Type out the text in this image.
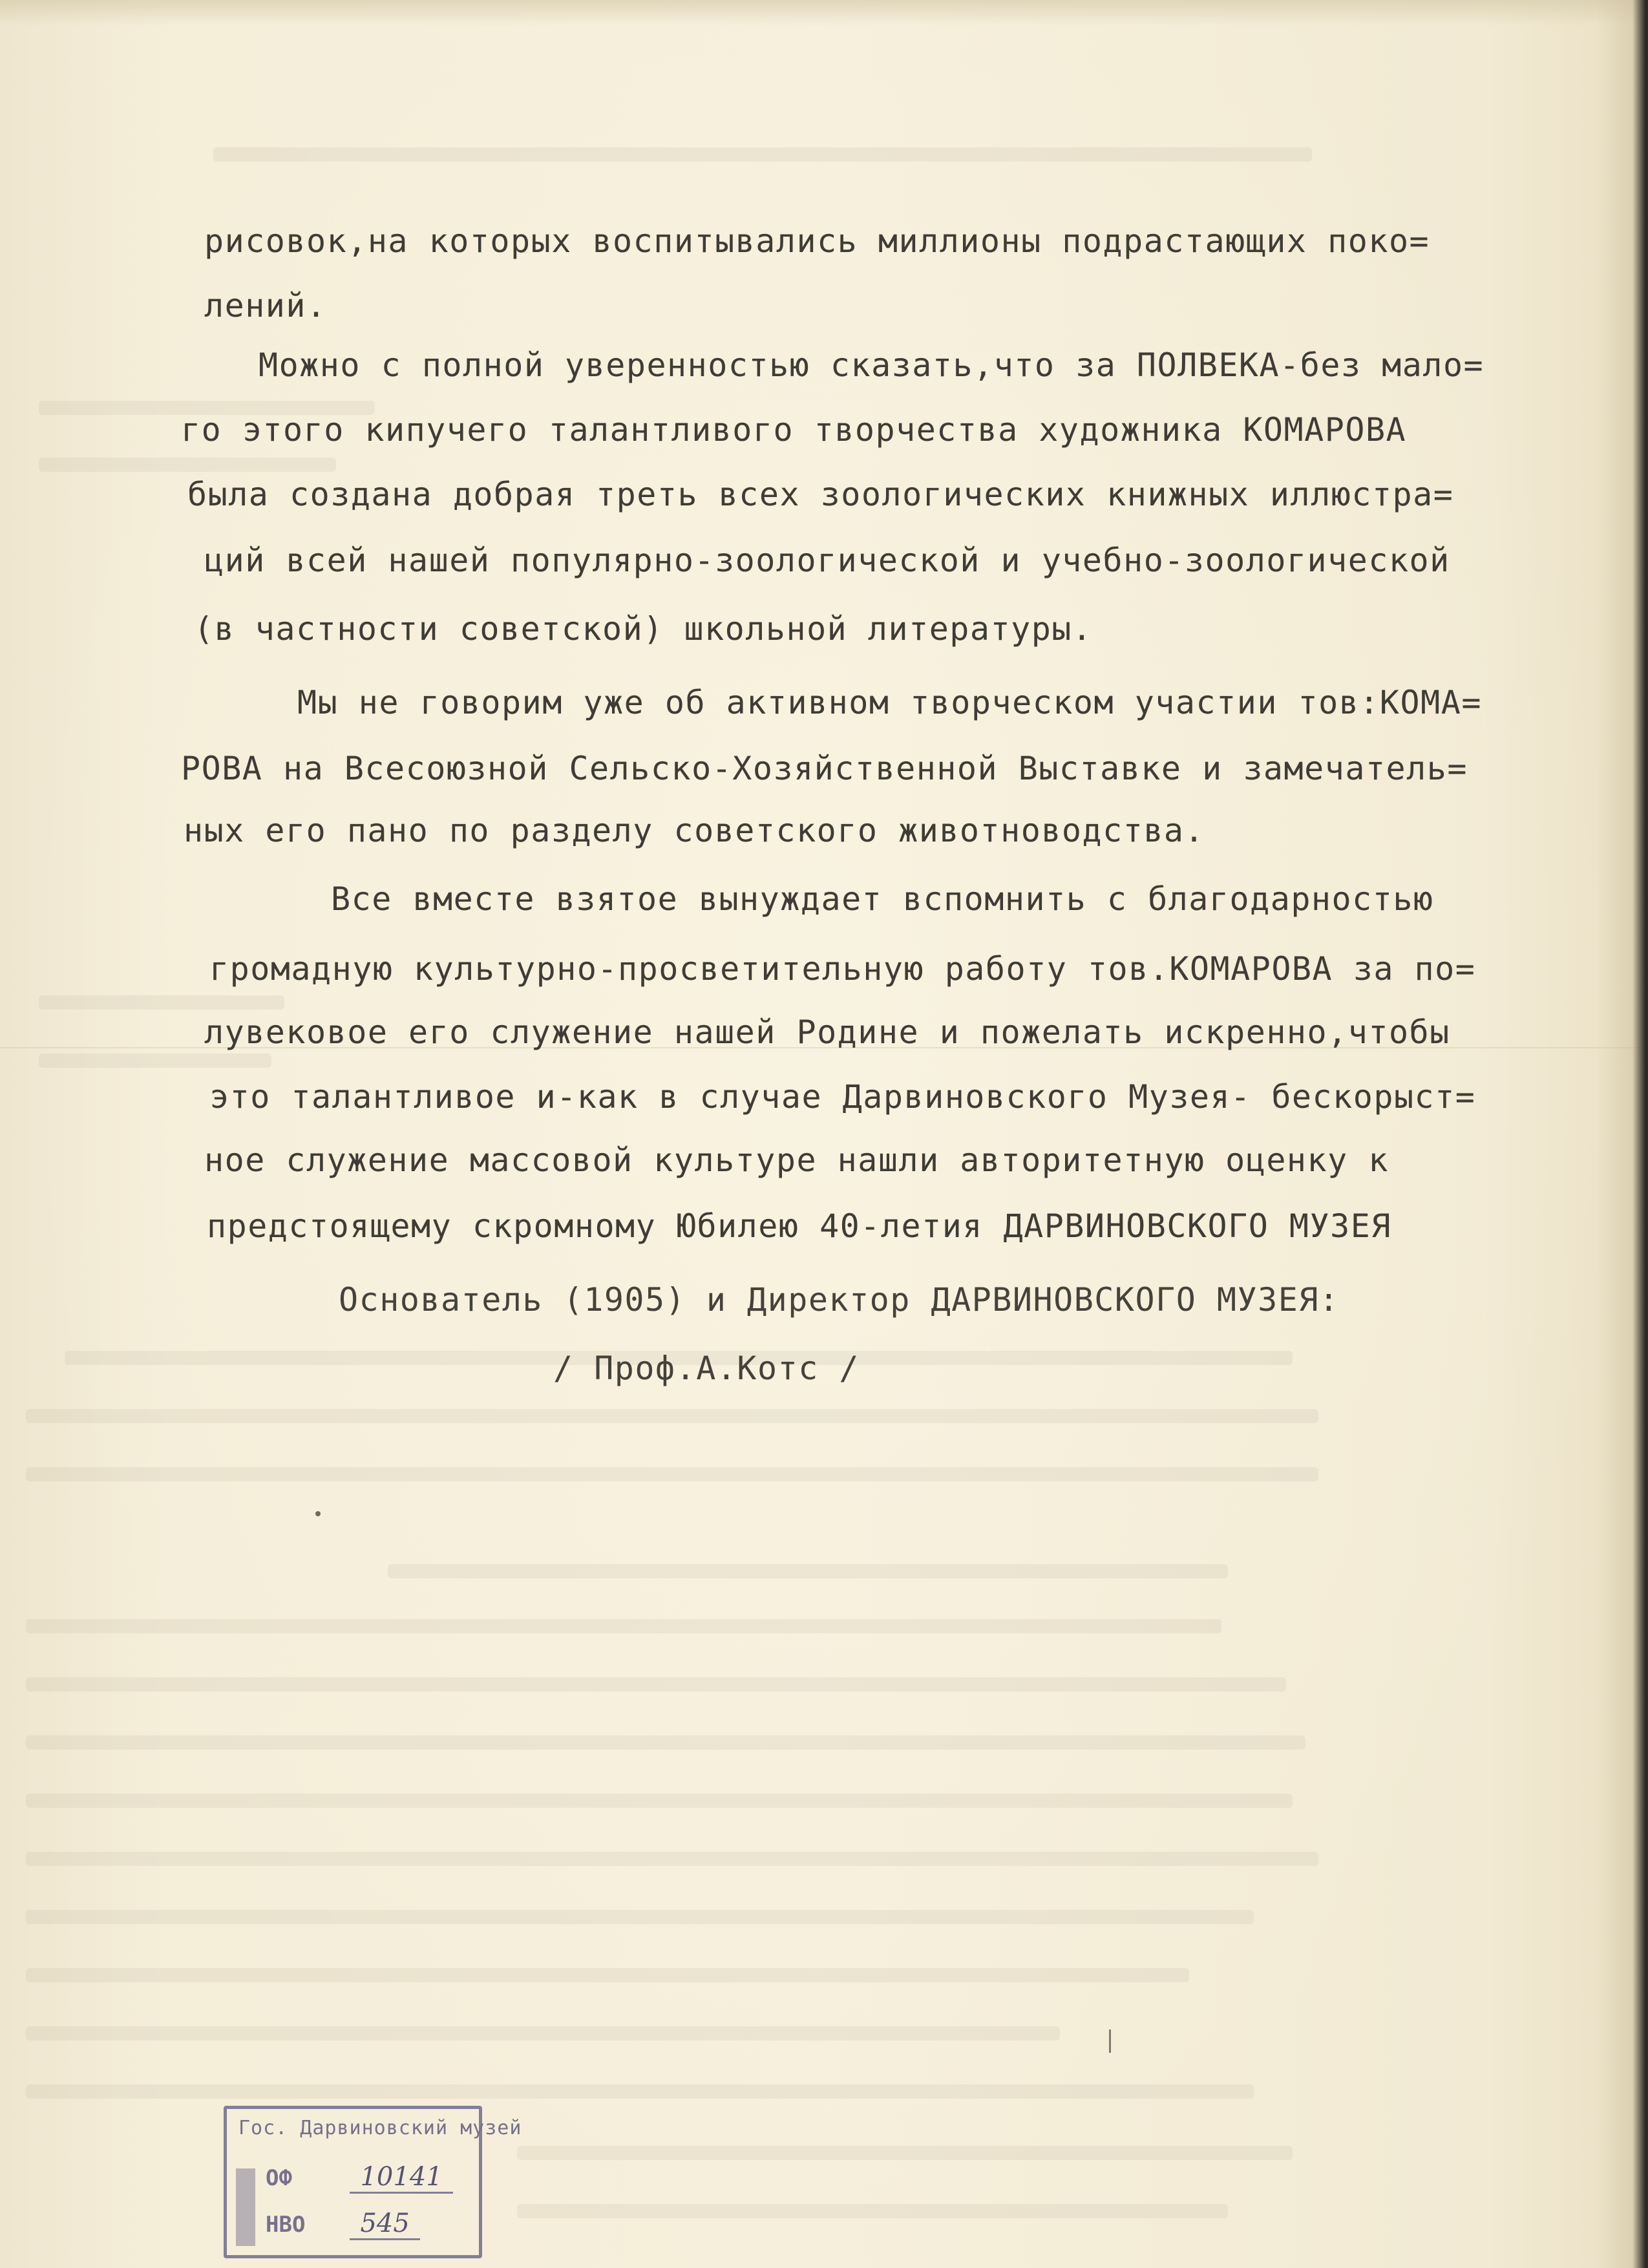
рисовок,на которых воспитывались миллионы подрастающих поко=
лений.
Можно с полной уверенностью сказать,что за ПОЛВЕКА-без мало=
го этого кипучего талантливого творчества художника КОМАРОВА
была создана добрая треть всех зоологических книжных иллюстра=
ций всей нашей популярно-зоологической и учебно-зоологической
(в частности советской) школьной литературы.
Мы не говорим уже об активном творческом участии тов:КОМА=
РОВА на Всесоюзной Сельско-Хозяйственной Выставке и замечатель=
ных его пано по разделу советского животноводства.
Все вместе взятое вынуждает вспомнить с благодарностью
громадную культурно-просветительную работу тов.КОМАРОВА за по=
лувековое его служение нашей Родине и пожелать искренно,чтобы
это талантливое и-как в случае Дарвиновского Музея- бескорыст=
ное служение массовой культуре нашли авторитетную оценку к
предстоящему скромному Юбилею 40-летия ДАРВИНОВСКОГО МУЗЕЯ
Основатель (1905) и Директор ДАРВИНОВСКОГО МУЗЕЯ:
/ Проф.А.Котс /
Гос. Дарвиновский музей
ОФ	10141
НВО 545
